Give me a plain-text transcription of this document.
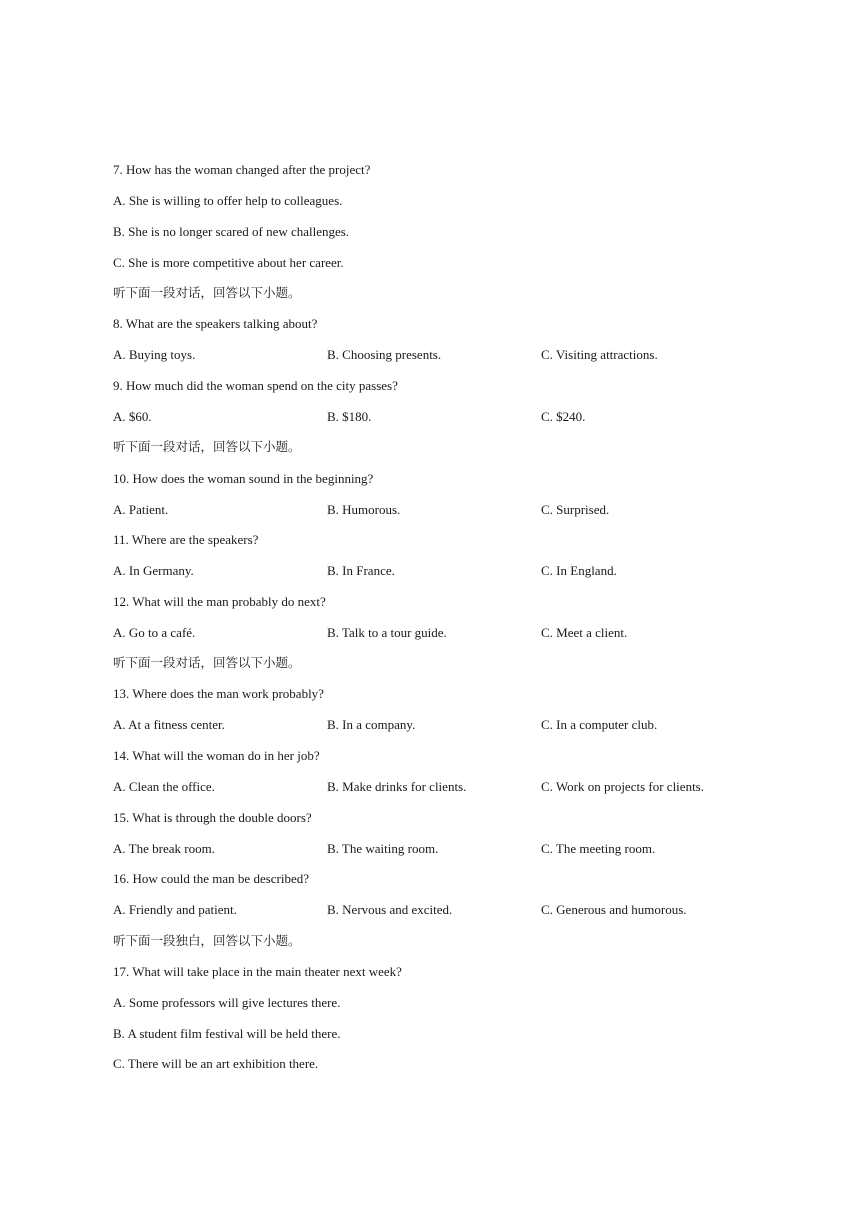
7. How has the woman changed after the project?
A. She is willing to offer help to colleagues.
B. She is no longer scared of new challenges.
C. She is more competitive about her career.
听下面一段对话，回答以下小题。
8. What are the speakers talking about?
A. Buying toys.	B. Choosing presents.	C. Visiting attractions.
9. How much did the woman spend on the city passes?
A. $60.	B. $180.	C. $240.
听下面一段对话，回答以下小题。
10. How does the woman sound in the beginning?
A. Patient.	B. Humorous.	C. Surprised.
11. Where are the speakers?
A. In Germany.	B. In France.	C. In England.
12. What will the man probably do next?
A. Go to a café.	B. Talk to a tour guide.	C. Meet a client.
听下面一段对话，回答以下小题。
13. Where does the man work probably?
A. At a fitness center.	B. In a company.	C. In a computer club.
14. What will the woman do in her job?
A. Clean the office.	B. Make drinks for clients.	C. Work on projects for clients.
15. What is through the double doors?
A. The break room.	B. The waiting room.	C. The meeting room.
16. How could the man be described?
A. Friendly and patient.	B. Nervous and excited.	C. Generous and humorous.
听下面一段独白，回答以下小题。
17. What will take place in the main theater next week?
A. Some professors will give lectures there.
B. A student film festival will be held there.
C. There will be an art exhibition there.
